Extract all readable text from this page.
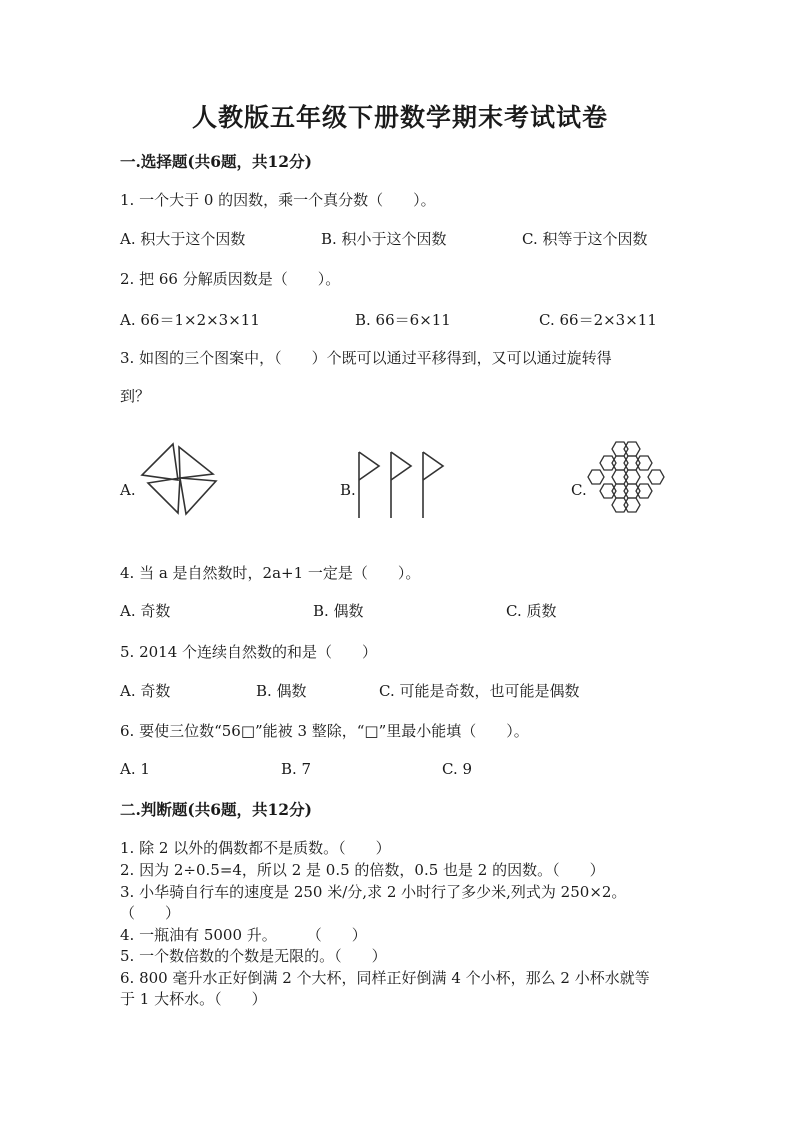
人教版五年级下册数学期末考试试卷
一.选择题(共6题，共12分)
1. 一个大于 0 的因数，乘一个真分数（　　）。
A. 积大于这个因数	B. 积小于这个因数	C. 积等于这个因数
2. 把 66 分解质因数是（　　）。
A. 66＝1×2×3×11	B. 66＝6×11	C. 66＝2×3×11
3. 如图的三个图案中，（　　）个既可以通过平移得到，又可以通过旋转得
到？
A.	B.	C.
4. 当 a 是自然数时，2a+1 一定是（　　）。
A. 奇数	B. 偶数	C. 质数
5. 2014 个连续自然数的和是（　　）
A. 奇数	B. 偶数	C. 可能是奇数，也可能是偶数
6. 要使三位数“56□”能被 3 整除，“□”里最小能填（　　）。
A. 1	B. 7	C. 9
二.判断题(共6题，共12分)
1. 除 2 以外的偶数都不是质数。（　　）
2. 因为 2÷0.5=4，所以 2 是 0.5 的倍数，0.5 也是 2 的因数。（　　）
3. 小华骑自行车的速度是 250 米/分,求 2 小时行了多少米,列式为 250×2。
（　　）
4. 一瓶油有 5000 升。　　　（　　）
5. 一个数倍数的个数是无限的。（　　）
6. 800 毫升水正好倒满 2 个大杯，同样正好倒满 4 个小杯，那么 2 小杯水就等
于 1 大杯水。（　　）
